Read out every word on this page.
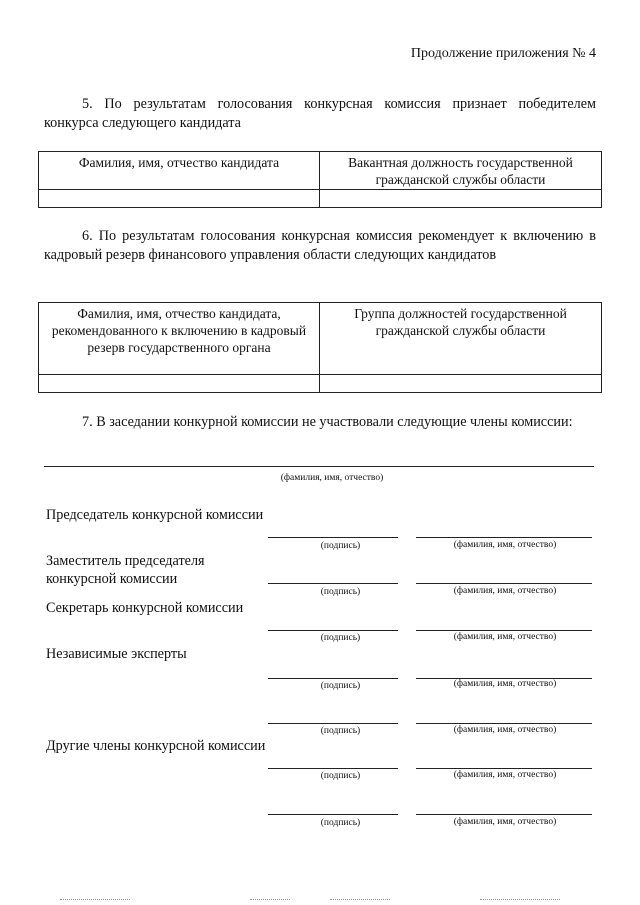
Продолжение приложения № 4
5. По результатам голосования конкурсная комиссия признает победителем конкурса следующего кандидата
Фамилия, имя, отчество кандидата	Вакантная должность государственной гражданской службы области

6. По результатам голосования конкурсная комиссия рекомендует к включению в кадровый резерв финансового управления области следующих кандидатов
Фамилия, имя, отчество кандидата, рекомендованного к включению в кадровый резерв государственного органа	Группа должностей государственной гражданской службы области

7. В заседании конкурной комиссии не участвовали следующие члены комиссии:
(фамилия, имя, отчество)
Председатель конкурсной комиссии
(подпись)	(фамилия, имя, отчество)
Заместитель председателя конкурсной комиссии
(подпись)	(фамилия, имя, отчество)
Секретарь конкурсной комиссии
(подпись)	(фамилия, имя, отчество)
Независимые эксперты
(подпись)	(фамилия, имя, отчество)
(подпись)	(фамилия, имя, отчество)
Другие члены конкурсной комиссии
(подпись)	(фамилия, имя, отчество)
(подпись)	(фамилия, имя, отчество)
